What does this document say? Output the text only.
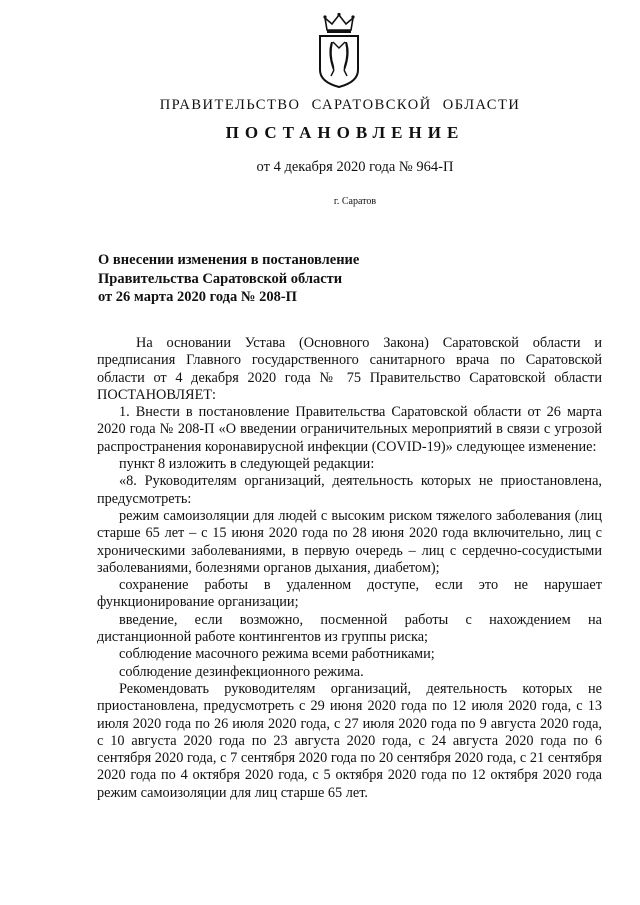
ПРАВИТЕЛЬСТВО САРАТОВСКОЙ ОБЛАСТИ
ПОСТАНОВЛЕНИЕ
от 4 декабря 2020 года № 964-П
г. Саратов
О внесении изменения в постановление
Правительства Саратовской области
от 26 марта 2020 года № 208-П

На основании Устава (Основного Закона) Саратовской области и предписания Главного государственного санитарного врача по Саратовской области от 4 декабря 2020 года № 75 Правительство Саратовской области ПОСТАНОВЛЯЕТ:

1. Внести в постановление Правительства Саратовской области от 26 марта 2020 года № 208-П «О введении ограничительных мероприятий в связи с угрозой распространения коронавирусной инфекции (COVID-19)» следующее изменение:

пункт 8 изложить в следующей редакции:

«8. Руководителям организаций, деятельность которых не приостановлена, предусмотреть:

режим самоизоляции для людей с высоким риском тяжелого заболевания (лиц старше 65 лет – с 15 июня 2020 года по 28 июня 2020 года включительно, лиц с хроническими заболеваниями, в первую очередь – лиц с сердечно-сосудистыми заболеваниями, болезнями органов дыхания, диабетом);

сохранение работы в удаленном доступе, если это не нарушает функционирование организации;

введение, если возможно, посменной работы с нахождением на дистанционной работе контингентов из группы риска;

соблюдение масочного режима всеми работниками;

соблюдение дезинфекционного режима.

Рекомендовать руководителям организаций, деятельность которых не приостановлена, предусмотреть с 29 июня 2020 года по 12 июля 2020 года, с 13 июля 2020 года по 26 июля 2020 года, с 27 июля 2020 года по 9 августа 2020 года, с 10 августа 2020 года по 23 августа 2020 года, с 24 августа 2020 года по 6 сентября 2020 года, с 7 сентября 2020 года по 20 сентября 2020 года, с 21 сентября 2020 года по 4 октября 2020 года, с 5 октября 2020 года по 12 октября 2020 года режим самоизоляции для лиц старше 65 лет.
